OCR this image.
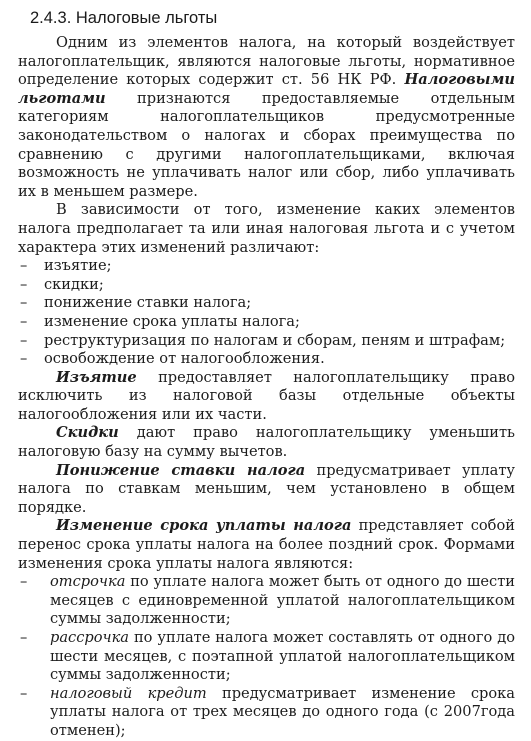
2.4.3. Налоговые льготы

Одним из элементов налога, на который воздействует налогоплательщик, являются налоговые льготы, нормативное определение которых содержит ст. 56 НК РФ. Налоговыми льготами признаются предоставляемые отдельным категориям налогоплательщиков предусмотренные законодательством о налогах и сборах преимущества по сравнению с другими налогоплательщиками, включая возможность не уплачивать налог или сбор, либо уплачивать их в меньшем размере.

В зависимости от того, изменение каких элементов налога предполагает та или иная налоговая льгота и с учетом характера этих изменений различают:

–	изъятие;
–	скидки;
–	понижение ставки налога;
–	изменение срока уплаты налога;
–	реструктуризация по налогам и сборам, пеням и штрафам;
–	освобождение от налогообложения.

Изъятие предоставляет налогоплательщику право исключить из налоговой базы отдельные объекты налогообложения или их части.

Скидки дают право налогоплательщику уменьшить налоговую базу на сумму вычетов.

Понижение ставки налога предусматривает уплату налога по ставкам меньшим, чем установлено в общем порядке.

Изменение срока уплаты налога представляет собой перенос срока уплаты налога на более поздний срок. Формами изменения срока уплаты налога являются:

–	отсрочка по уплате налога может быть от одного до шести месяцев с единовременной уплатой налогоплательщиком суммы задолженности;
–	рассрочка по уплате налога может составлять от одного до шести месяцев, с поэтапной уплатой налогоплательщиком суммы задолженности;
–	налоговый кредит предусматривает изменение срока уплаты налога от трех месяцев до одного года (с 2007года отменен);
